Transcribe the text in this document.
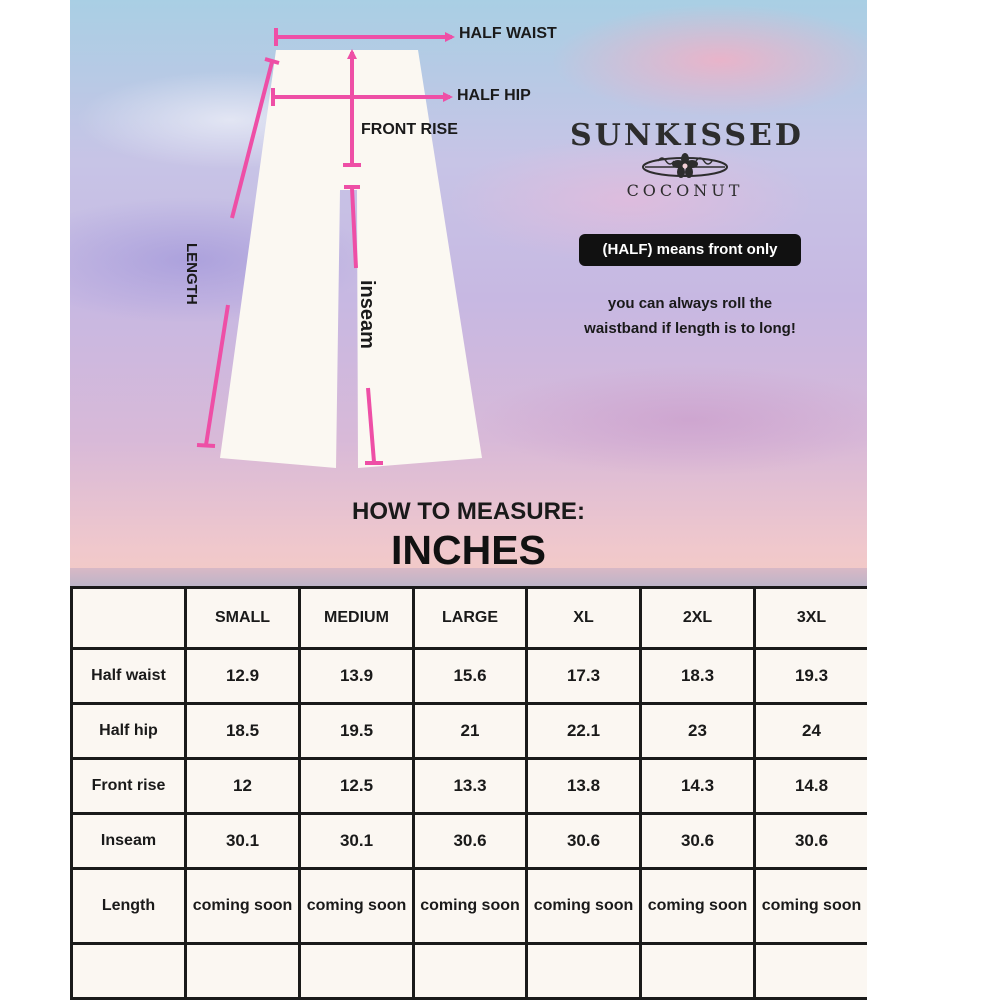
HALF WAIST
HALF HIP
FRONT RISE
LENGTH
inseam
SUNKISSED
COCONUT
(HALF) means front only
you can always roll the waistband if length is to long!
HOW TO MEASURE:
INCHES
	SMALL	MEDIUM	LARGE	XL	2XL	3XL
Half waist	12.9	13.9	15.6	17.3	18.3	19.3
Half hip	18.5	19.5	21	22.1	23	24
Front rise	12	12.5	13.3	13.8	14.3	14.8
Inseam	30.1	30.1	30.6	30.6	30.6	30.6
Length	coming soon	coming soon	coming soon	coming soon	coming soon	coming soon
